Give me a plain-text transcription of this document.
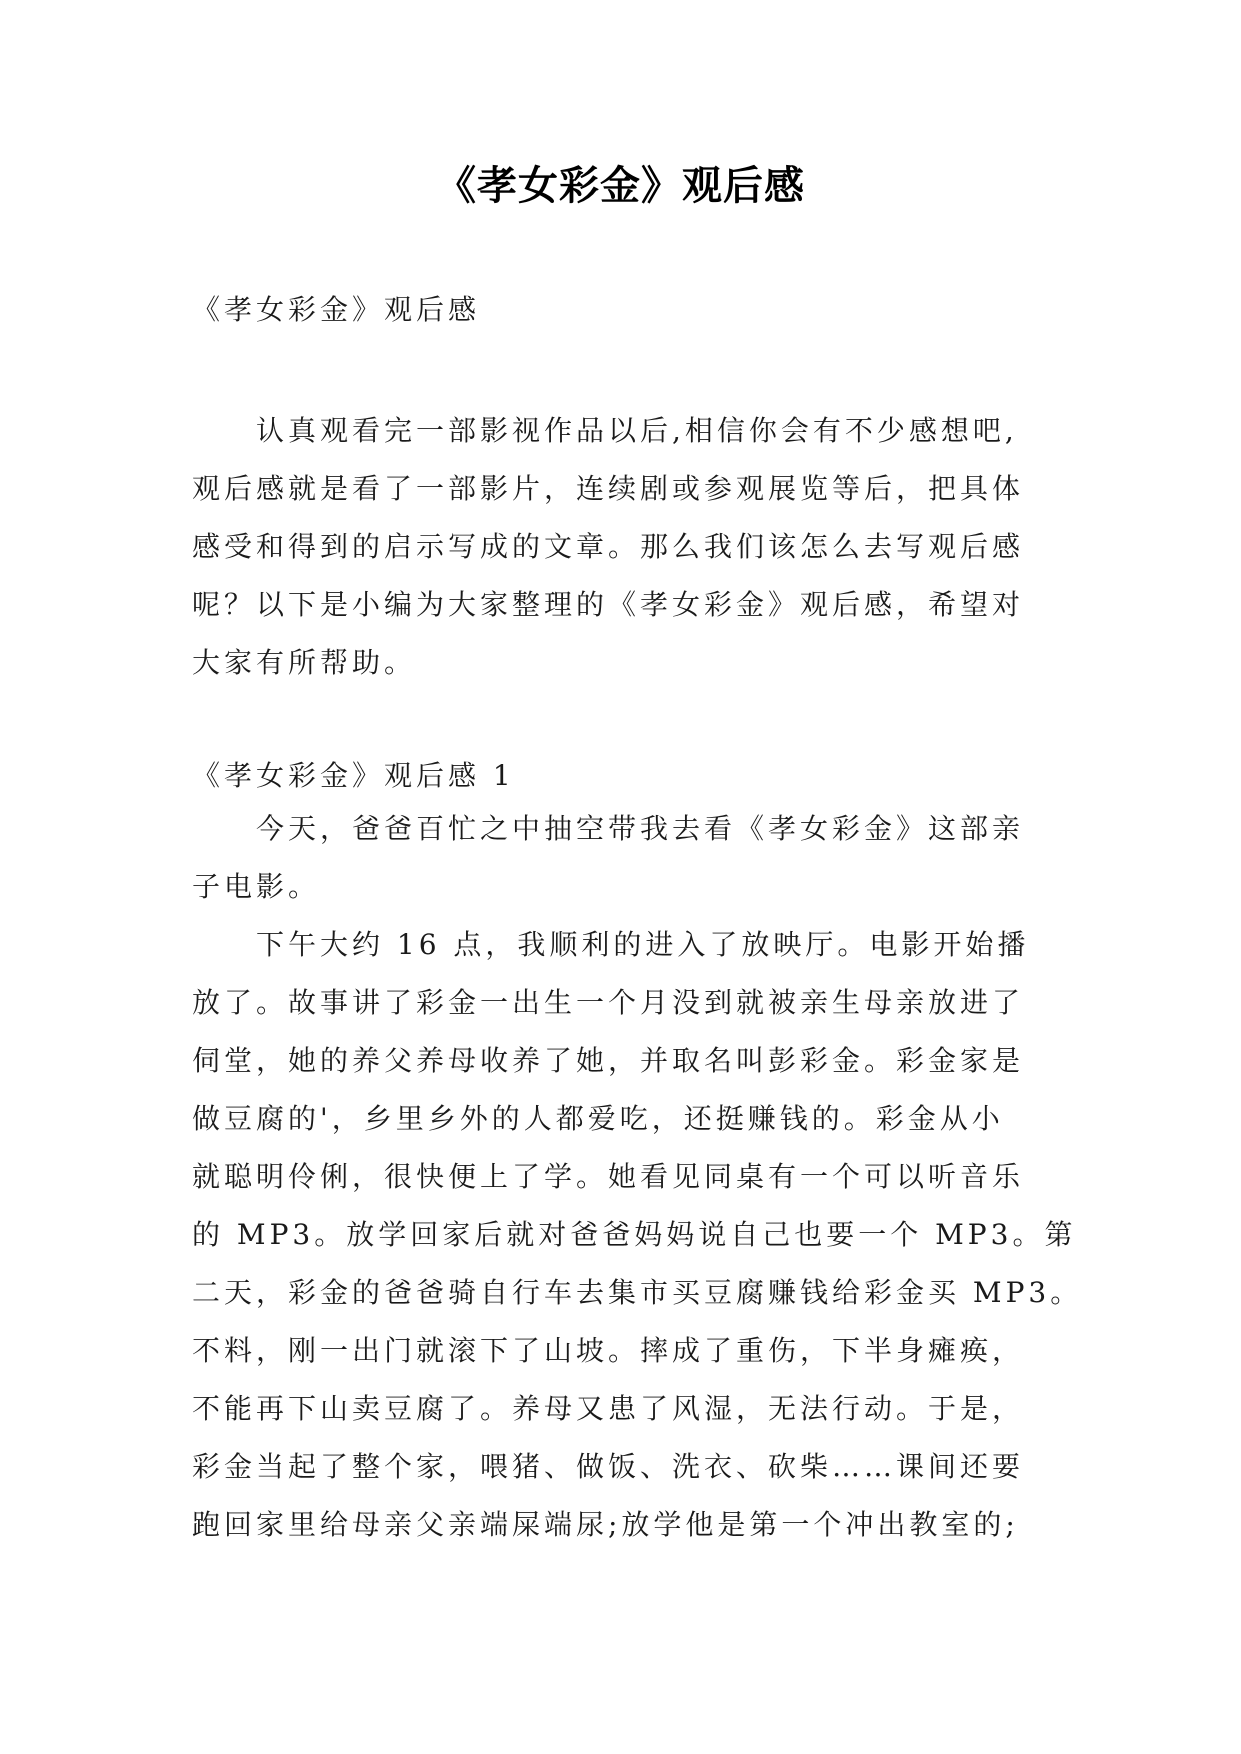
《孝女彩金》观后感
《孝女彩金》观后感
认真观看完一部影视作品以后,相信你会有不少感想吧,
观后感就是看了一部影片，连续剧或参观展览等后，把具体
感受和得到的启示写成的文章。那么我们该怎么去写观后感
呢？以下是小编为大家整理的《孝女彩金》观后感，希望对
大家有所帮助。
《孝女彩金》观后感 1
今天，爸爸百忙之中抽空带我去看《孝女彩金》这部亲
子电影。
下午大约 16 点，我顺利的进入了放映厅。电影开始播
放了。故事讲了彩金一出生一个月没到就被亲生母亲放进了
伺堂，她的养父养母收养了她，并取名叫彭彩金。彩金家是
做豆腐的'，乡里乡外的人都爱吃，还挺赚钱的。彩金从小
就聪明伶俐，很快便上了学。她看见同桌有一个可以听音乐
的 MP3。放学回家后就对爸爸妈妈说自己也要一个 MP3。第
二天，彩金的爸爸骑自行车去集市买豆腐赚钱给彩金买 MP3。
不料，刚一出门就滚下了山坡。摔成了重伤，下半身瘫痪，
不能再下山卖豆腐了。养母又患了风湿，无法行动。于是，
彩金当起了整个家，喂猪、做饭、洗衣、砍柴……课间还要
跑回家里给母亲父亲端屎端尿;放学他是第一个冲出教室的;
